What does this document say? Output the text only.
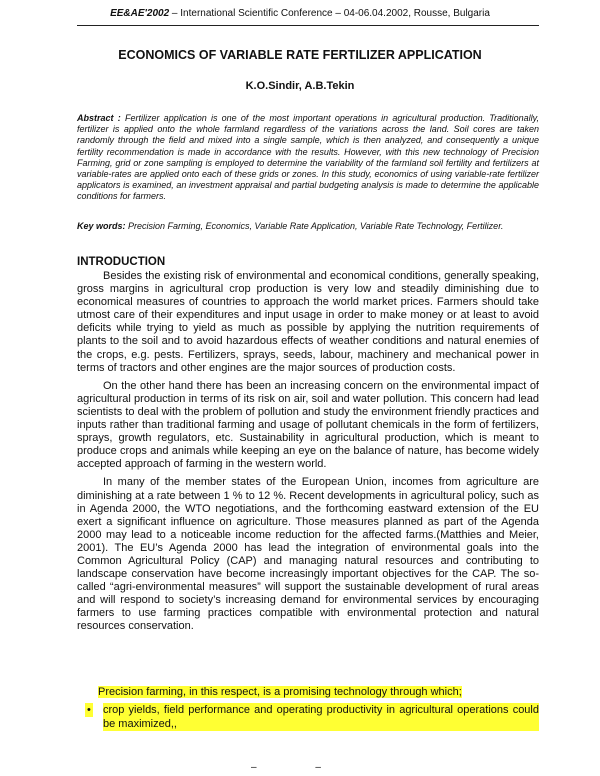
EE&AE'2002 – International Scientific Conference – 04-06.04.2002, Rousse, Bulgaria
ECONOMICS OF VARIABLE RATE FERTILIZER APPLICATION
K.O.Sindir, A.B.Tekin
Abstract : Fertilizer application is one of the most important operations in agricultural production. Traditionally, fertilizer is applied onto the whole farmland regardless of the variations across the land. Soil cores are taken randomly through the field and mixed into a single sample, which is then analyzed, and consequently a unique fertility recommendation is made in accordance with the results. However, with this new technology of Precision Farming, grid or zone sampling is employed to determine the variability of the farmland soil fertility and fertilizers at variable-rates are applied onto each of these grids or zones. In this study, economics of using variable-rate fertilizer applicators is examined, an investment appraisal and partial budgeting analysis is made to determine the applicable conditions for farmers.
Key words: Precision Farming, Economics, Variable Rate Application, Variable Rate Technology, Fertilizer.
INTRODUCTION

Besides the existing risk of environmental and economical conditions, generally speaking, gross margins in agricultural crop production is very low and steadily diminishing due to economical measures of countries to approach the world market prices. Farmers should take utmost care of their expenditures and input usage in order to make money or at least to avoid deficits while trying to yield as much as possible by applying the nutrition requirements of plants to the soil and to avoid hazardous effects of weather conditions and natural enemies of the crops, e.g. pests. Fertilizers, sprays, seeds, labour, machinery and mechanical power in terms of tractors and other engines are the major sources of production costs.

On the other hand there has been an increasing concern on the environmental impact of agricultural production in terms of its risk on air, soil and water pollution. This concern had lead scientists to deal with the problem of pollution and study the environment friendly practices and inputs rather than traditional farming and usage of pollutant chemicals in the form of fertilizers, sprays, growth regulators, etc. Sustainability in agricultural production, which is meant to produce crops and animals while keeping an eye on the balance of nature, has become widely accepted approach of farming in the western world.

In many of the member states of the European Union, incomes from agriculture are diminishing at a rate between 1 % to 12 %. Recent developments in agricultural policy, such as in Agenda 2000, the WTO negotiations, and the forthcoming eastward extension of the EU exert a significant influence on agriculture. Those measures planned as part of the Agenda 2000 may lead to a noticeable income reduction for the affected farms.(Matthies and Meier, 2001). The EU’s Agenda 2000 has lead the integration of environmental goals into the Common Agricultural Policy (CAP) and managing natural resources and contributing to landscape conservation have become increasingly important objectives for the CAP. The so-called “agri-environmental measures” will support the sustainable development of rural areas and will respond to society’s increasing demand for environmental services by encouraging farmers to use farming practices compatible with environmental protection and natural resources conservation.

Precision farming, in this respect, is a promising technology through which;
• crop yields, field performance and operating productivity in agricultural operations could be maximized,,
– –
